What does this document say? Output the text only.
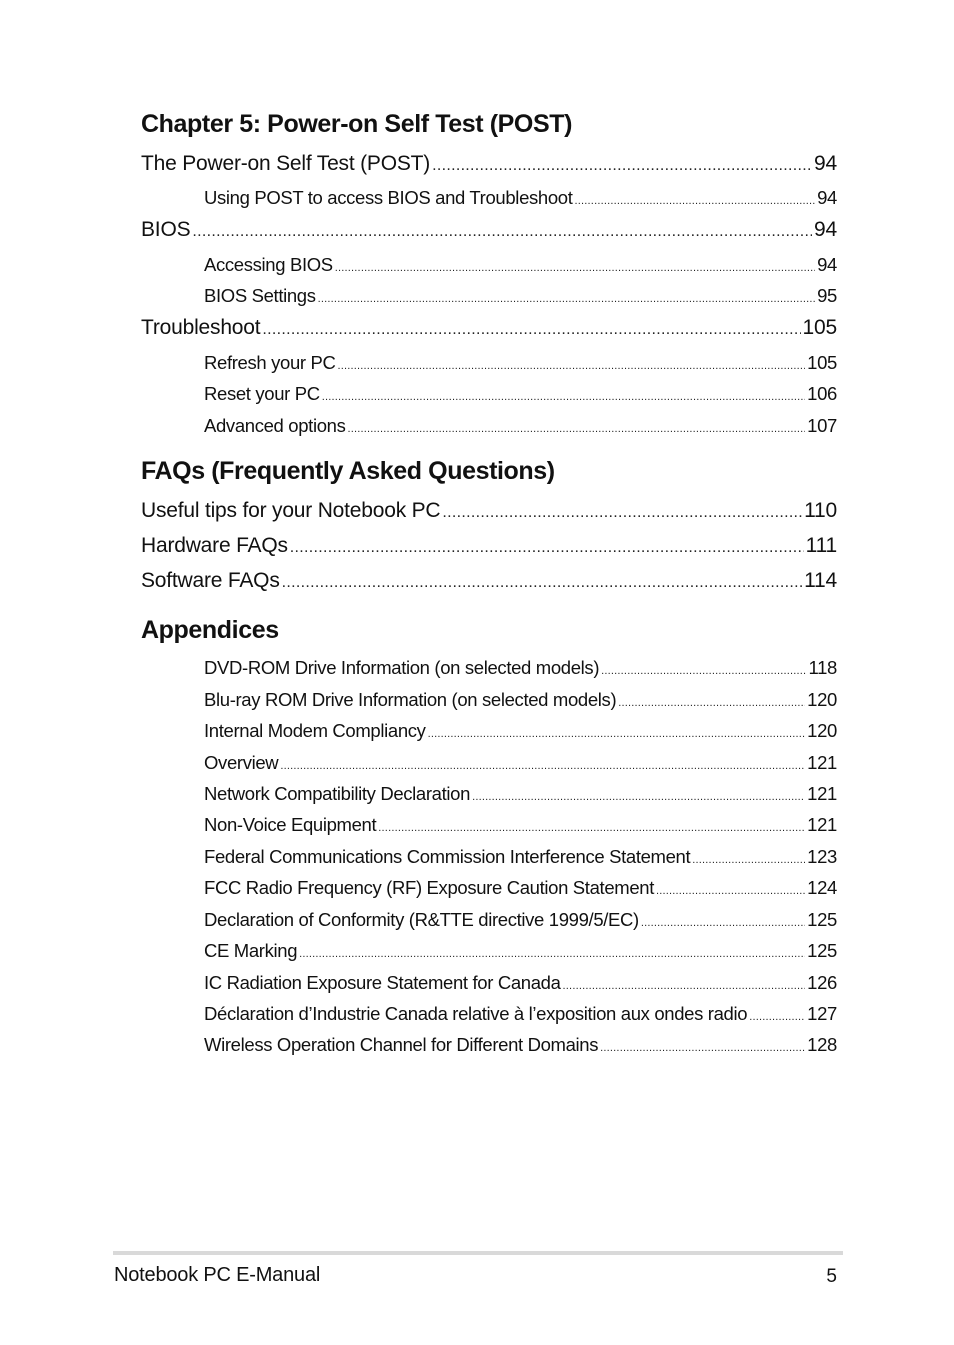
Chapter 5: Power-on Self Test (POST)
FAQs (Frequently Asked Questions)
Appendices
The Power-on Self Test (POST) .....	94
Using POST to access BIOS and Troubleshoot .....	94
BIOS .....	94
Accessing BIOS .....	94
BIOS Settings .....	95
Troubleshoot .....	105
Refresh your PC .....	105
Reset your PC .....	106
Advanced options .....	107
Useful tips for your Notebook PC .....	110
Hardware FAQs .....	111
Software FAQs .....	114
DVD-ROM Drive Information (on selected models) .....	118
Blu-ray ROM Drive Information (on selected models) .....	120
Internal Modem Compliancy .....	120
Overview .....	121
Network Compatibility Declaration .....	121
Non-Voice Equipment .....	121
Federal Communications Commission Interference Statement .....	123
FCC Radio Frequency (RF) Exposure Caution Statement .....	124
Declaration of Conformity (R&TTE directive 1999/5/EC) .....	125
CE Marking .....	125
IC Radiation Exposure Statement for Canada .....	126
Déclaration d’Industrie Canada relative à l’exposition aux ondes radio .....	127
Wireless Operation Channel for Different Domains .....	128
Notebook PC E-Manual	5
